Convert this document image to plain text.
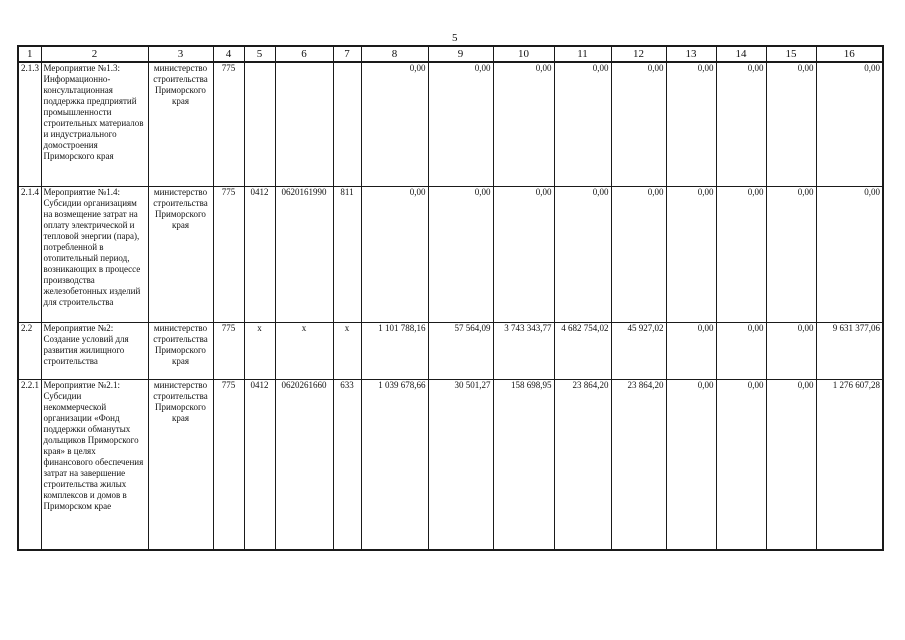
5
1	2	3	4	5	6	7	8	9	10	11	12	13	14	15	16
2.1.3	Мероприятие №1.3: Информационно-консультационная поддержка предприятий промышленности строительных материалов и индустриального домостроения Приморского края	министерство строительства Приморского края	775				0,00	0,00	0,00	0,00	0,00	0,00	0,00	0,00	0,00
2.1.4	Мероприятие №1.4: Субсидии организациям на возмещение затрат на оплату электрической и тепловой энергии (пара), потребленной в отопительный период, возникающих в процессе производства железобетонных изделий для строительства	министерство строительства Приморского края	775	0412	0620161990	811	0,00	0,00	0,00	0,00	0,00	0,00	0,00	0,00	0,00
2.2	Мероприятие №2: Создание условий для развития жилищного строительства	министерство строительства Приморского края	775	x	x	x	1 101 788,16	57 564,09	3 743 343,77	4 682 754,02	45 927,02	0,00	0,00	0,00	9 631 377,06
2.2.1	Мероприятие №2.1: Субсидии некоммерческой организации «Фонд поддержки обманутых дольщиков Приморского края» в целях финансового обеспечения затрат на завершение строительства жилых комплексов и домов в Приморском крае	министерство строительства Приморского края	775	0412	0620261660	633	1 039 678,66	30 501,27	158 698,95	23 864,20	23 864,20	0,00	0,00	0,00	1 276 607,28
